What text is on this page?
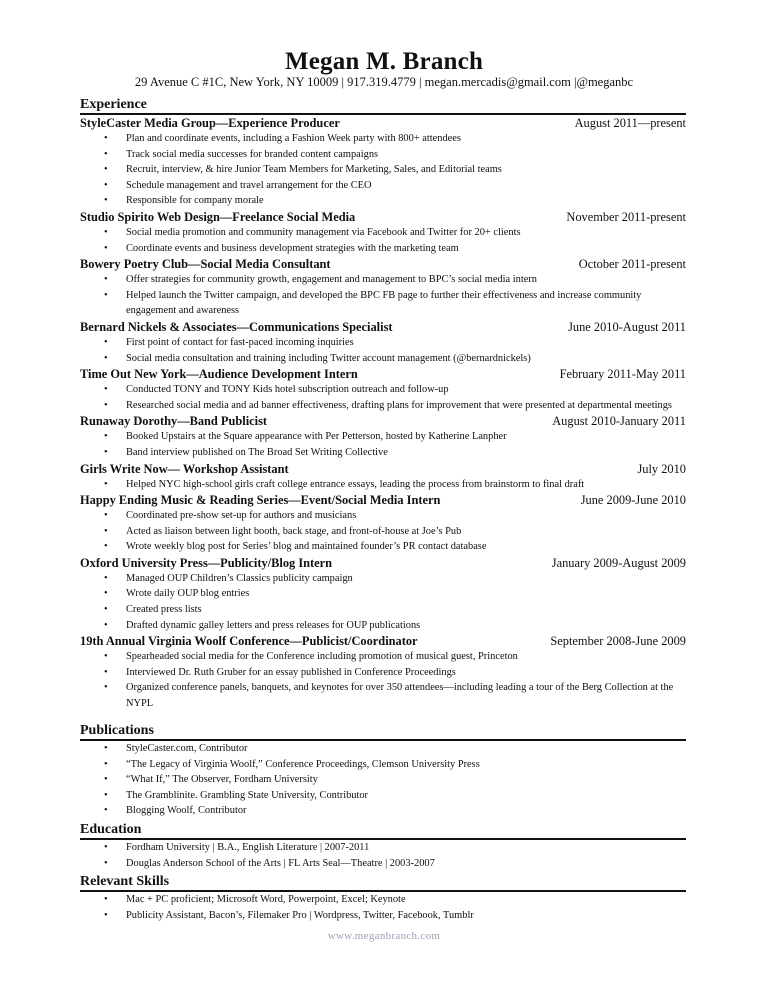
Megan M. Branch
29 Avenue C #1C, New York, NY 10009 | 917.319.4779 | megan.mercadis@gmail.com |@meganbc
Experience
StyleCaster Media Group—Experience Producer	August 2011—present
• Plan and coordinate events, including a Fashion Week party with 800+ attendees
• Track social media successes for branded content campaigns
• Recruit, interview, & hire Junior Team Members for Marketing, Sales, and Editorial teams
• Schedule management and travel arrangement for the CEO
• Responsible for company morale
Studio Spirito Web Design—Freelance Social Media	November 2011-present
• Social media promotion and community management via Facebook and Twitter for 20+ clients
• Coordinate events and business development strategies with the marketing team
Bowery Poetry Club—Social Media Consultant	October 2011-present
• Offer strategies for community growth, engagement and management to BPC’s social media intern
• Helped launch the Twitter campaign, and developed the BPC FB page to further their effectiveness and increase community engagement and awareness
Bernard Nickels & Associates—Communications Specialist	June 2010-August 2011
• First point of contact for fast-paced incoming inquiries
• Social media consultation and training including Twitter account management (@bernardnickels)
Time Out New York—Audience Development Intern	February 2011-May 2011
• Conducted TONY and TONY Kids hotel subscription outreach and follow-up
• Researched social media and ad banner effectiveness, drafting plans for improvement that were presented at departmental meetings
Runaway Dorothy—Band Publicist	August 2010-January 2011
• Booked Upstairs at the Square appearance with Per Petterson, hosted by Katherine Lanpher
• Band interview published on The Broad Set Writing Collective
Girls Write Now— Workshop Assistant	July 2010
• Helped NYC high-school girls craft college entrance essays, leading the process from brainstorm to final draft
Happy Ending Music & Reading Series—Event/Social Media Intern	June 2009-June 2010
• Coordinated pre-show set-up for authors and musicians
• Acted as liaison between light booth, back stage, and front-of-house at Joe’s Pub
• Wrote weekly blog post for Series’ blog and maintained founder’s PR contact database
Oxford University Press—Publicity/Blog Intern	January 2009-August 2009
• Managed OUP Children’s Classics publicity campaign
• Wrote daily OUP blog entries
• Created press lists
• Drafted dynamic galley letters and press releases for OUP publications
19th Annual Virginia Woolf Conference—Publicist/Coordinator	September 2008-June 2009
• Spearheaded social media for the Conference including promotion of musical guest, Princeton
• Interviewed Dr. Ruth Gruber for an essay published in Conference Proceedings
• Organized conference panels, banquets, and keynotes for over 350 attendees—including leading a tour of the Berg Collection at the NYPL
Publications
• StyleCaster.com, Contributor
• “The Legacy of Virginia Woolf,” Conference Proceedings, Clemson University Press
• “What If,” The Observer, Fordham University
• The Gramblinite. Grambling State University, Contributor
• Blogging Woolf, Contributor
Education
• Fordham University | B.A., English Literature | 2007-2011
• Douglas Anderson School of the Arts | FL Arts Seal—Theatre | 2003-2007
Relevant Skills
• Mac + PC proficient; Microsoft Word, Powerpoint, Excel; Keynote
• Publicity Assistant, Bacon’s, Filemaker Pro | Wordpress, Twitter, Facebook, Tumblr
www.meganbranch.com
